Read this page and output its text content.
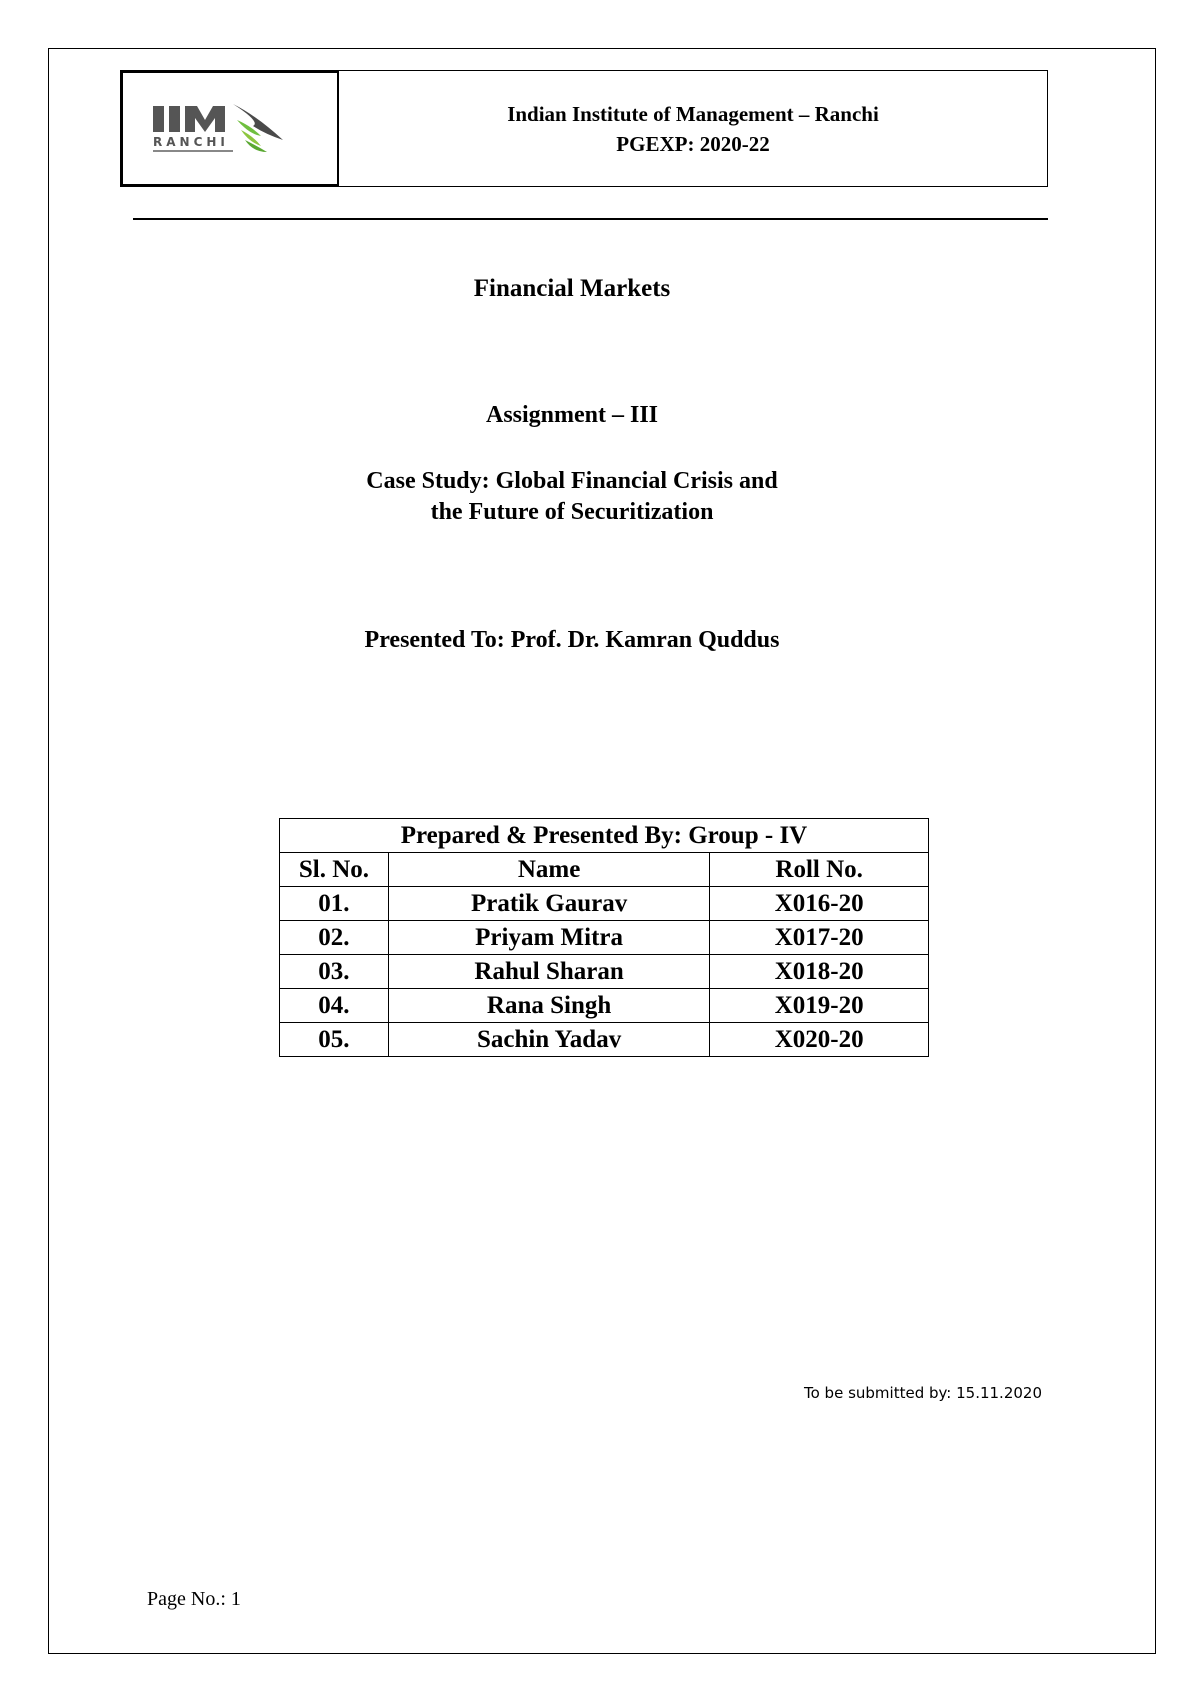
RANCHI
Indian Institute of Management – Ranchi
PGEXP: 2020-22
Financial Markets
Assignment – III
Case Study: Global Financial Crisis and
the Future of Securitization
Presented To: Prof. Dr. Kamran Quddus
Prepared & Presented By: Group - IV		
Sl. No.	Name	Roll No.
01.	Pratik Gaurav	X016-20
02.	Priyam Mitra	X017-20
03.	Rahul Sharan	X018-20
04.	Rana Singh	X019-20
05.	Sachin Yadav	X020-20
To be submitted by: 15.11.2020
Page No.: 1
